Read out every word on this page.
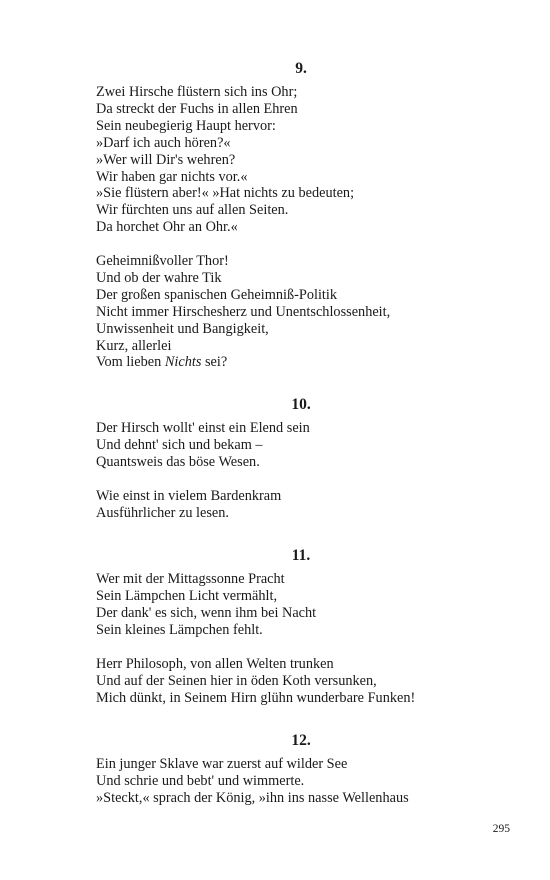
9.
Zwei Hirsche flüstern sich ins Ohr;
Da streckt der Fuchs in allen Ehren
Sein neubegierig Haupt hervor:
»Darf ich auch hören?«
»Wer will Dir's wehren?
Wir haben gar nichts vor.«
»Sie flüstern aber!« »Hat nichts zu bedeuten;
Wir fürchten uns auf allen Seiten.
Da horchet Ohr an Ohr.«
Geheimnißvoller Thor!
Und ob der wahre Tik
Der großen spanischen Geheimniß-Politik
Nicht immer Hirschesherz und Unentschlossenheit,
Unwissenheit und Bangigkeit,
Kurz, allerlei
Vom lieben Nichts sei?
10.
Der Hirsch wollt' einst ein Elend sein
Und dehnt' sich und bekam –
Quantsweis das böse Wesen.
Wie einst in vielem Bardenkram
Ausführlicher zu lesen.
11.
Wer mit der Mittagssonne Pracht
Sein Lämpchen Licht vermählt,
Der dank' es sich, wenn ihm bei Nacht
Sein kleines Lämpchen fehlt.
Herr Philosoph, von allen Welten trunken
Und auf der Seinen hier in öden Koth versunken,
Mich dünkt, in Seinem Hirn glühn wunderbare Funken!
12.
Ein junger Sklave war zuerst auf wilder See
Und schrie und bebt' und wimmerte.
»Steckt,« sprach der König, »ihn ins nasse Wellenhaus
295
